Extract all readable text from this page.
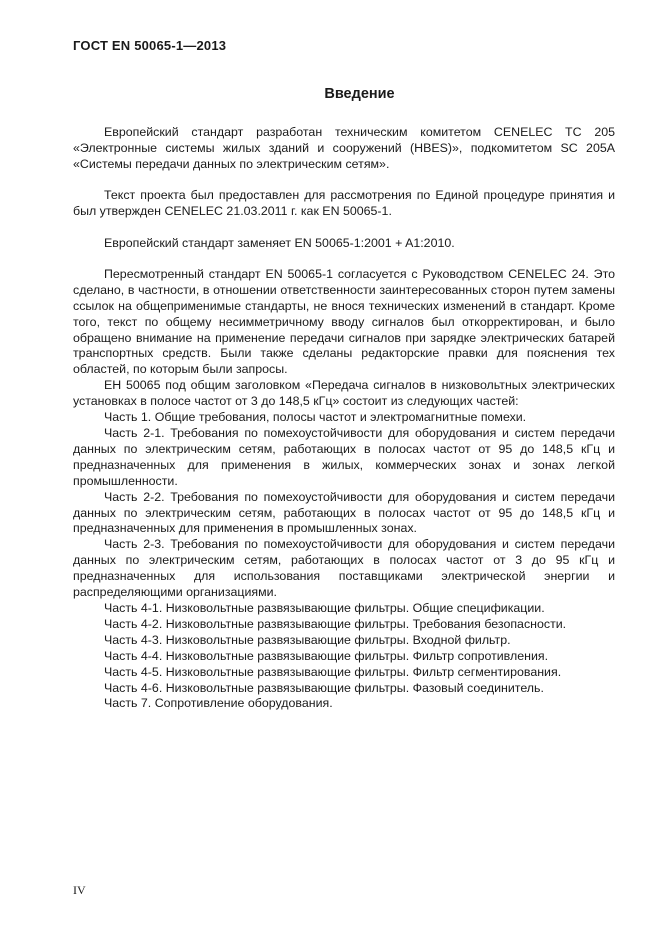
ГОСТ EN 50065-1—2013
Введение

Европейский стандарт разработан техническим комитетом CENELEC TC 205 «Электронные системы жилых зданий и сооружений (HBES)», подкомитетом SC 205A «Системы передачи данных по электрическим сетям».

Текст проекта был предоставлен для рассмотрения по Единой процедуре принятия и был утвержден CENELEC 21.03.2011 г. как EN 50065-1.

Европейский стандарт заменяет EN 50065-1:2001 + A1:2010.

Пересмотренный стандарт EN 50065-1 согласуется с Руководством CENELEC 24. Это сделано, в частности, в отношении ответственности заинтересованных сторон путем замены ссылок на общеприменимые стандарты, не внося технических изменений в стандарт. Кроме того, текст по общему несимметричному вводу сигналов был откорректирован, и было обращено внимание на применение передачи сигналов при зарядке электрических батарей транспортных средств. Были также сделаны редакторские правки для пояснения тех областей, по которым были запросы.

ЕН 50065 под общим заголовком «Передача сигналов в низковольтных электрических установках в полосе частот от 3 до 148,5 кГц» состоит из следующих частей:

Часть 1. Общие требования, полосы частот и электромагнитные помехи.

Часть 2-1. Требования по помехоустойчивости для оборудования и систем передачи данных по электрическим сетям, работающих в полосах частот от 95 до 148,5 кГц и предназначенных для применения в жилых, коммерческих зонах и зонах легкой промышленности.

Часть 2-2. Требования по помехоустойчивости для оборудования и систем передачи данных по электрическим сетям, работающих в полосах частот от 95 до 148,5 кГц и предназначенных для применения в промышленных зонах.

Часть 2-3. Требования по помехоустойчивости для оборудования и систем передачи данных по электрическим сетям, работающих в полосах частот от 3 до 95 кГц и предназначенных для использования поставщиками электрической энергии и распределяющими организациями.

Часть 4-1. Низковольтные развязывающие фильтры. Общие спецификации.

Часть 4-2. Низковольтные развязывающие фильтры. Требования безопасности.

Часть 4-3. Низковольтные развязывающие фильтры. Входной фильтр.

Часть 4-4. Низковольтные развязывающие фильтры. Фильтр сопротивления.

Часть 4-5. Низковольтные развязывающие фильтры. Фильтр сегментирования.

Часть 4-6. Низковольтные развязывающие фильтры. Фазовый соединитель.

Часть 7. Сопротивление оборудования.

IV
